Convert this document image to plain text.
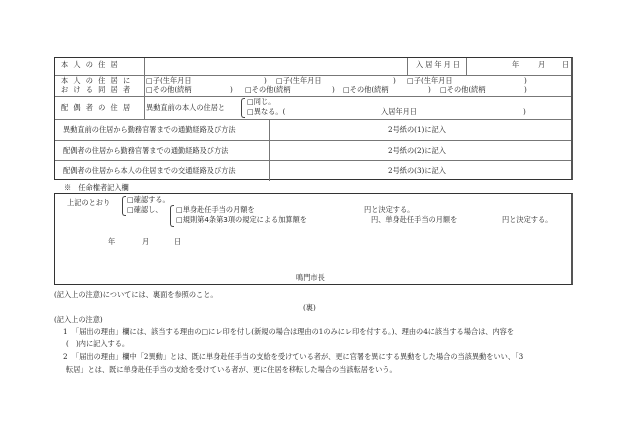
本人の住居	入居年月日	年	月 日
本人の住居に
おける同居者
□子(生年月日	) □子(生年月日	) □子(生年月日	)
□その他(続柄	) □その他(続柄	) □その他(続柄	) □その他(続柄	)
配偶者の住居 異動直前の本人の住居と
□同じ。
□異なる。(	入居年月日	)
異動直前の住居から勤務官署までの通勤経路及び方法	2号紙の(1)に記入
配偶者の住居から勤務官署までの通勤経路及び方法	2号紙の(2)に記入
配偶者の住居から本人の住居までの交通経路及び方法	2号紙の(3)に記入
※　任命権者記入欄
上記のとおり □確認する。
□確認し、 □単身赴任手当の月額を
□規則第4条第3項の規定による加算額を
円と決定する。
円、単身赴任手当の月額を	円と決定する。
年	月	日
鳴門市長
(記入上の注意)についてには、裏面を参照のこと。
(裏)
(記入上の注意)
1 「届出の理由」欄には、該当する理由の□にレ印を付し(新規の場合は理由の1のみにレ印を付する。)、理由の4に該当する場合は、内容を
(　)内に記入する。
2 「届出の理由」欄中「2異動」とは、既に単身赴任手当の支給を受けている者が、更に官署を異にする異動をした場合の当該異動をいい、「3
転居」とは、既に単身赴任手当の支給を受けている者が、更に住居を移転した場合の当該転居をいう。
